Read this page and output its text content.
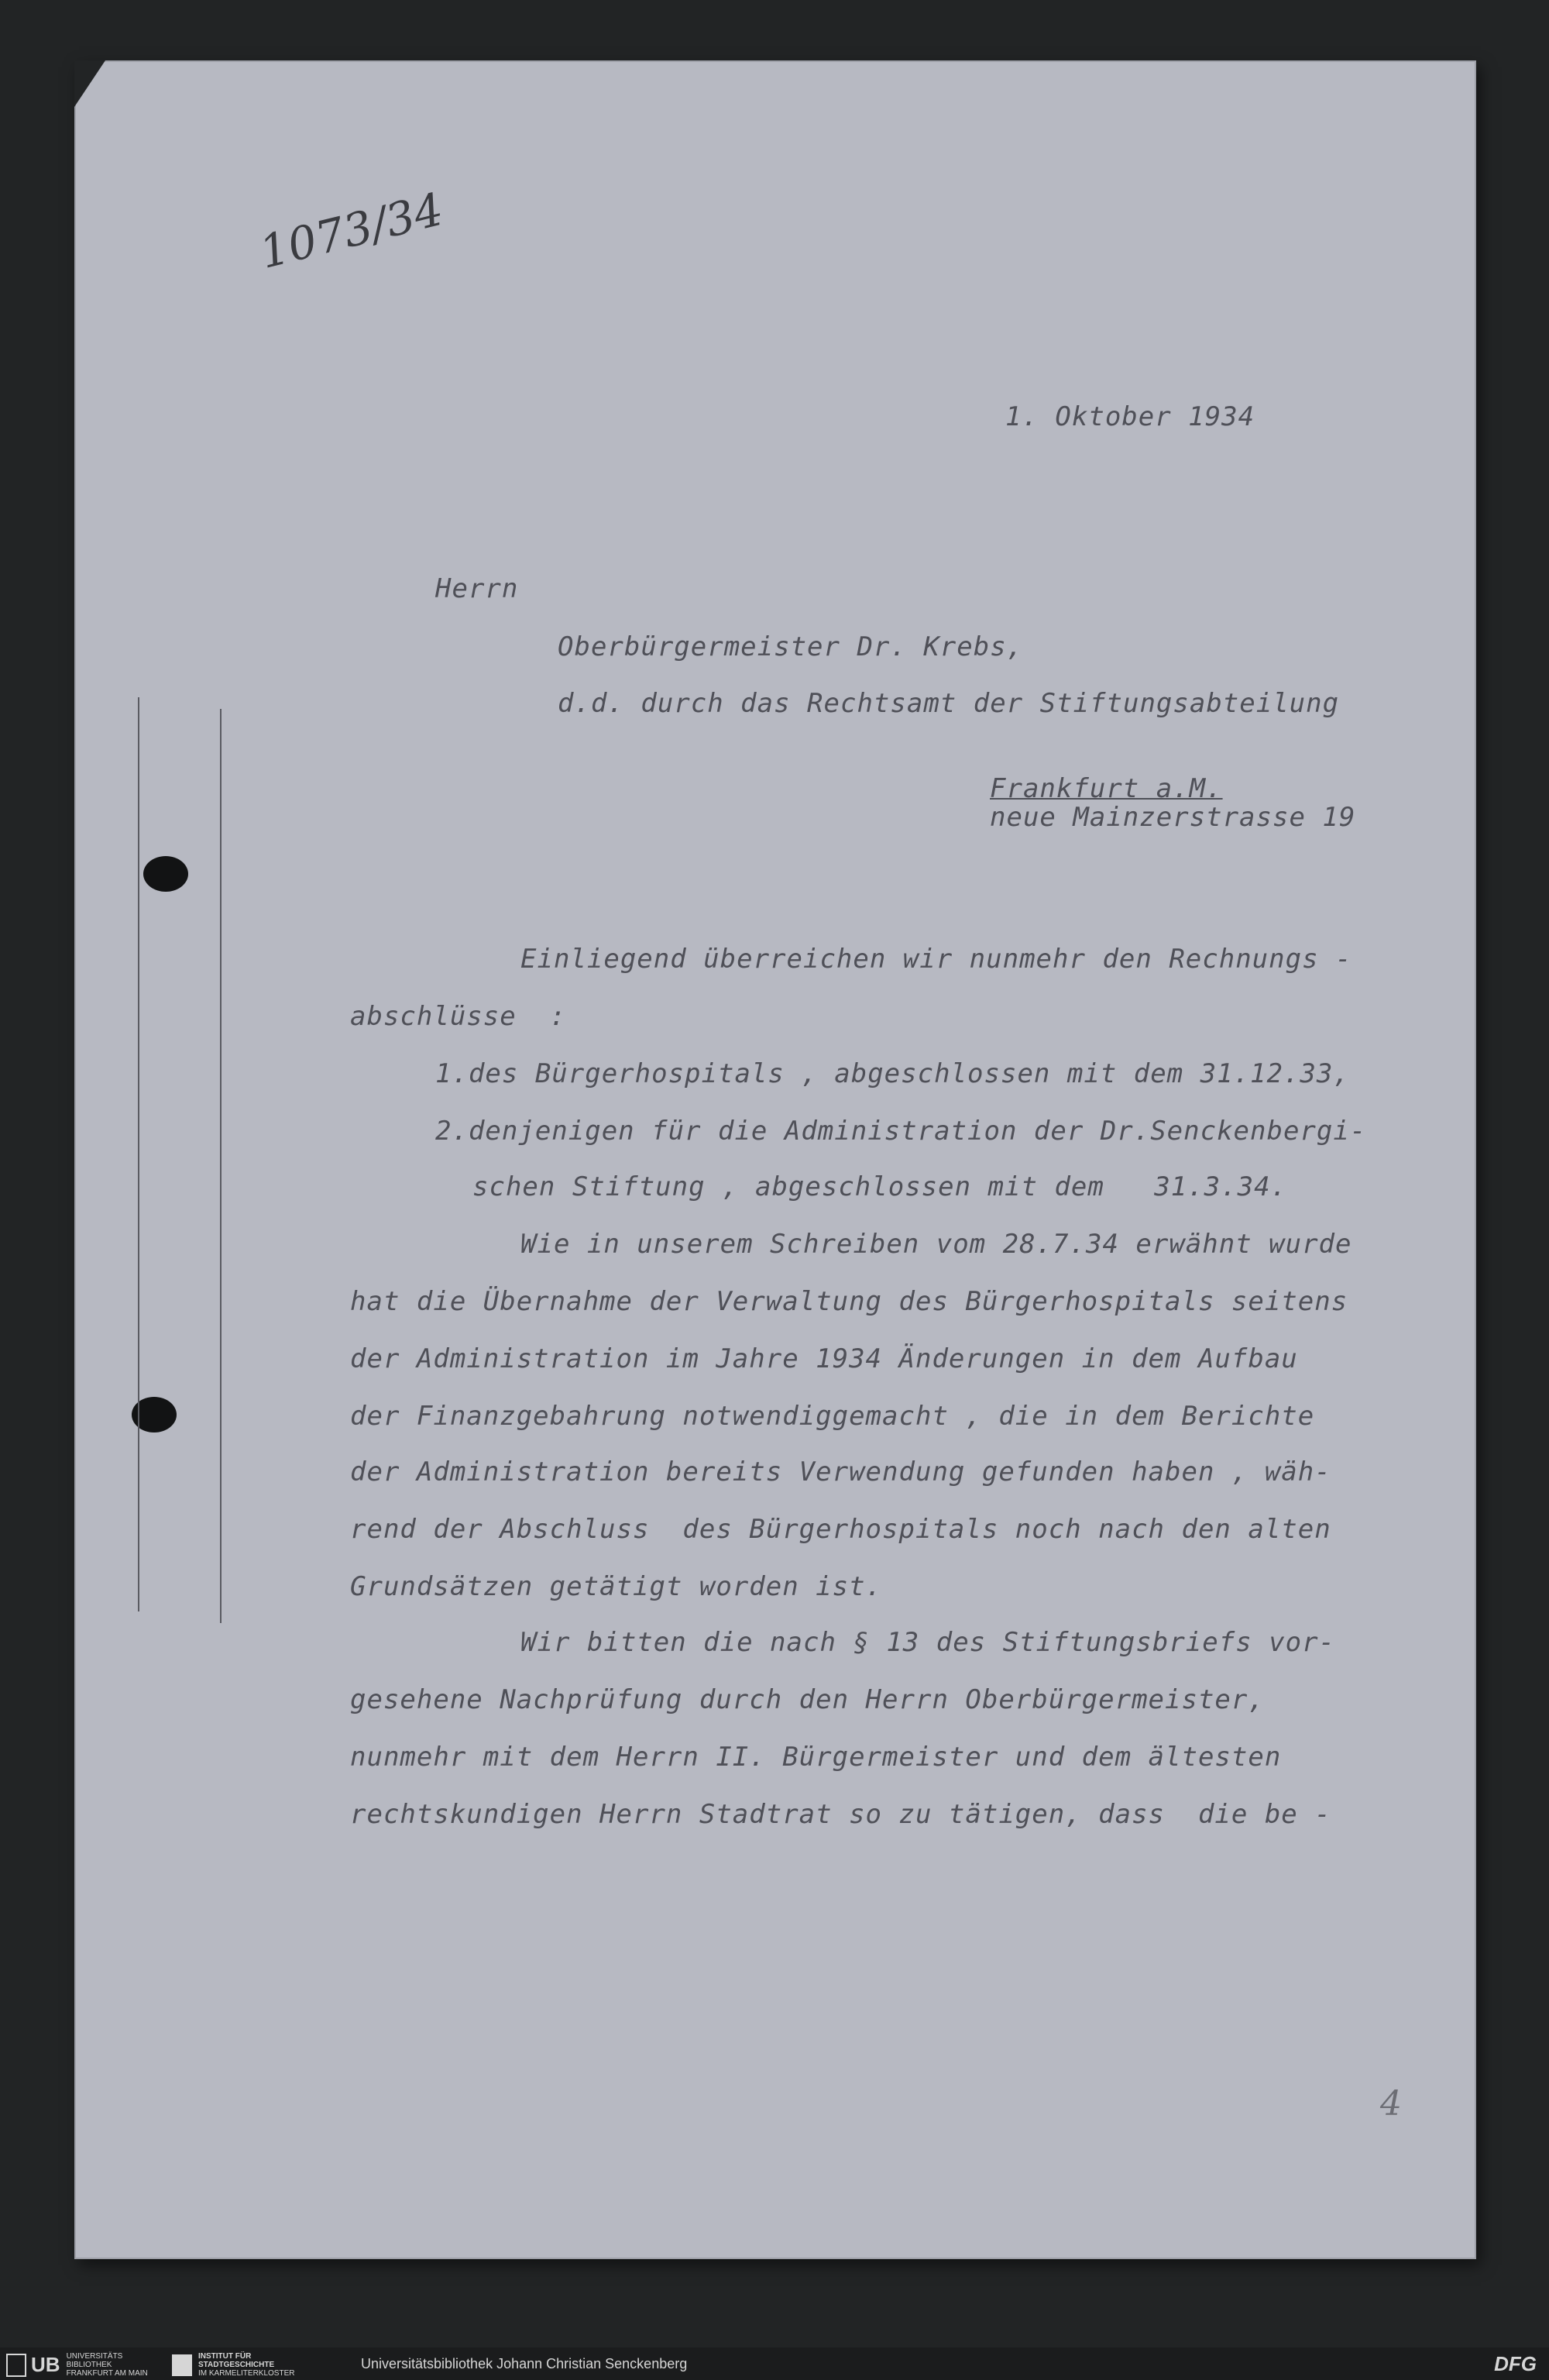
1073/34
4
1. Oktober 1934
Herrn
Oberbürgermeister Dr. Krebs,
d.d. durch das Rechtsamt der Stiftungsabteilung
Frankfurt a.M.
neue Mainzerstrasse 19
Einliegend überreichen wir nunmehr den Rechnungs -
abschlüsse  :
1.des Bürgerhospitals , abgeschlossen mit dem 31.12.33,
2.denjenigen für die Administration der Dr.Senckenbergi-
schen Stiftung , abgeschlossen mit dem   31.3.34.
Wie in unserem Schreiben vom 28.7.34 erwähnt wurde
hat die Übernahme der Verwaltung des Bürgerhospitals seitens
der Administration im Jahre 1934 Änderungen in dem Aufbau
der Finanzgebahrung notwendiggemacht , die in dem Berichte
der Administration bereits Verwendung gefunden haben , wäh-
rend der Abschluss  des Bürgerhospitals noch nach den alten
Grundsätzen getätigt worden ist.
Wir bitten die nach § 13 des Stiftungsbriefs vor-
gesehene Nachprüfung durch den Herrn Oberbürgermeister,
nunmehr mit dem Herrn II. Bürgermeister und dem ältesten
rechtskundigen Herrn Stadtrat so zu tätigen, dass  die be -
UB UNIVERSITÄTS
BIBLIOTHEK
FRANKFURT AM MAIN
INSTITUT FÜR
STADTGESCHICHTE
IM KARMELITERKLOSTER
Universitätsbibliothek Johann Christian Senckenberg	DFG
